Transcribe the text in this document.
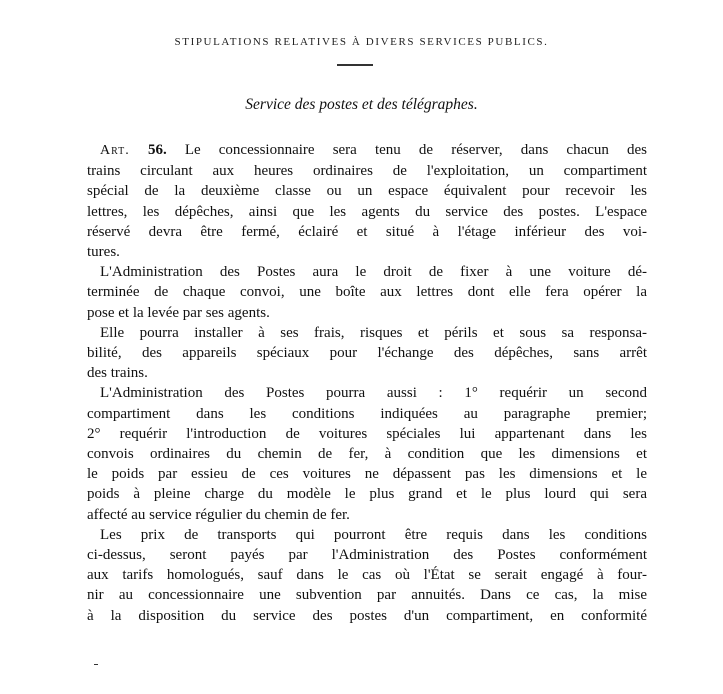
STIPULATIONS RELATIVES À DIVERS SERVICES PUBLICS.
Service des postes et des télégraphes.
Art. 56. Le concessionnaire sera tenu de réserver, dans chacun des
trains circulant aux heures ordinaires de l'exploitation, un compartiment
spécial de la deuxième classe ou un espace équivalent pour recevoir les
lettres, les dépêches, ainsi que les agents du service des postes. L'espace
réservé devra être fermé, éclairé et situé à l'étage inférieur des voi-
tures.
L'Administration des Postes aura le droit de fixer à une voiture dé-
terminée de chaque convoi, une boîte aux lettres dont elle fera opérer la
pose et la levée par ses agents.
Elle pourra installer à ses frais, risques et périls et sous sa responsa-
bilité, des appareils spéciaux pour l'échange des dépêches, sans arrêt
des trains.
L'Administration des Postes pourra aussi : 1° requérir un second
compartiment dans les conditions indiquées au paragraphe premier;
2° requérir l'introduction de voitures spéciales lui appartenant dans les
convois ordinaires du chemin de fer, à condition que les dimensions et
le poids par essieu de ces voitures ne dépassent pas les dimensions et le
poids à pleine charge du modèle le plus grand et le plus lourd qui sera
affecté au service régulier du chemin de fer.
Les prix de transports qui pourront être requis dans les conditions
ci-dessus, seront payés par l'Administration des Postes conformément
aux tarifs homologués, sauf dans le cas où l'État se serait engagé à four-
nir au concessionnaire une subvention par annuités. Dans ce cas, la mise
à la disposition du service des postes d'un compartiment, en conformité
